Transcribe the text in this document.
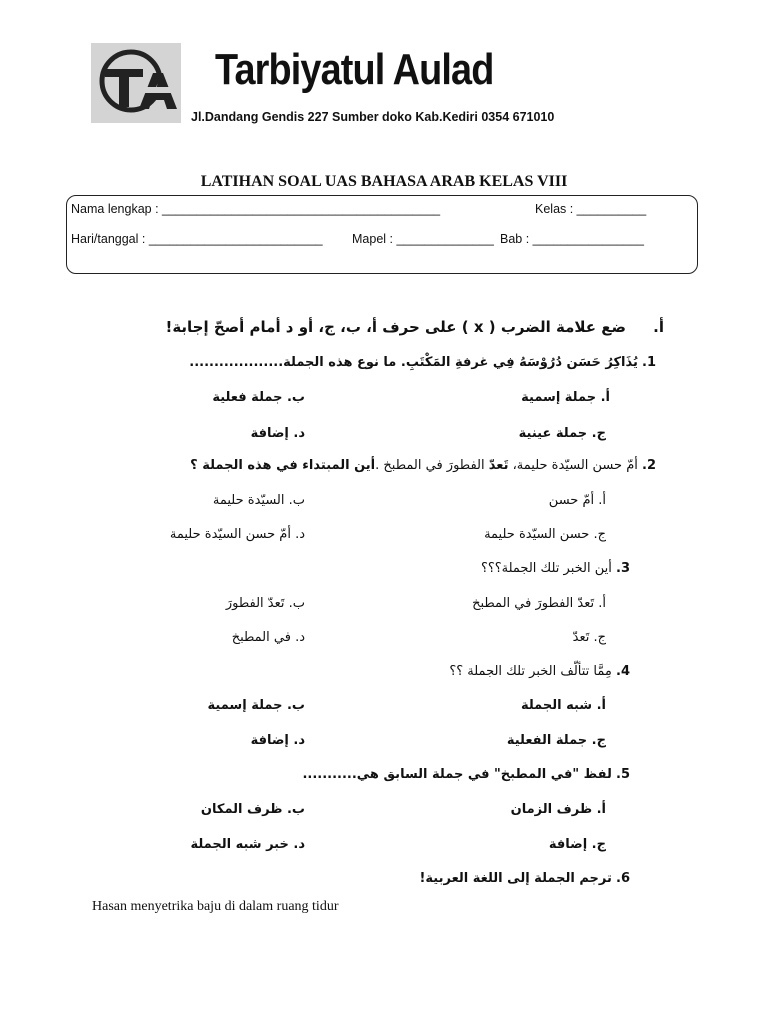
Tarbiyatul Aulad
Jl.Dandang Gendis 227 Sumber doko Kab.Kediri 0354 671010
LATIHAN SOAL UAS BAHASA ARAB KELAS VIII
Nama lengkap : ________________________________________	Kelas : __________
Hari/tanggal : _________________________ Mapel : ______________ Bab : ________________
أ.
ضع علامة الضرب ( x ) على حرف أ، ب، ج، أو د أمام أصحّ إجابة!
1. يُذَاكِرُ حَسَن دُرُوْسَهُ فِي غرفةِ المَكْتَبِ. ما نوع هذه الجملة...................
أ. جملة إسمية
ب. جملة فعلية
ج. جملة عينية
د. إضافة
2. أمّ حسن السيّدة حليمة، تَعدّ الفطورَ في المطبخ .أين المبتداء في هذه الجملة ؟
أ. أمّ حسن
ب. السيّدة حليمة
ج. حسن السيّدة حليمة
د. أمّ حسن السيّدة حليمة
3. أين الخبر تلك الجملة؟؟؟
أ. تَعدّ الفطورَ في المطبخ
ب. تَعدّ الفطورَ
ج. تَعدّ
د. في المطبخ
4. مِمَّا تتألّف الخبر تلك الجملة ؟؟
أ. شبه الجملة
ب. جملة إسمية
ج. جملة الفعلية
د. إضافة
5. لفظ "في المطبخ" في جملة السابق هي...........
أ. ظرف الزمان
ب. ظرف المكان
ج. إضافة
د. خبر شبه الجملة
6. ترجم الجملة إلى اللغة العربية!
Hasan menyetrika baju di dalam ruang tidur
